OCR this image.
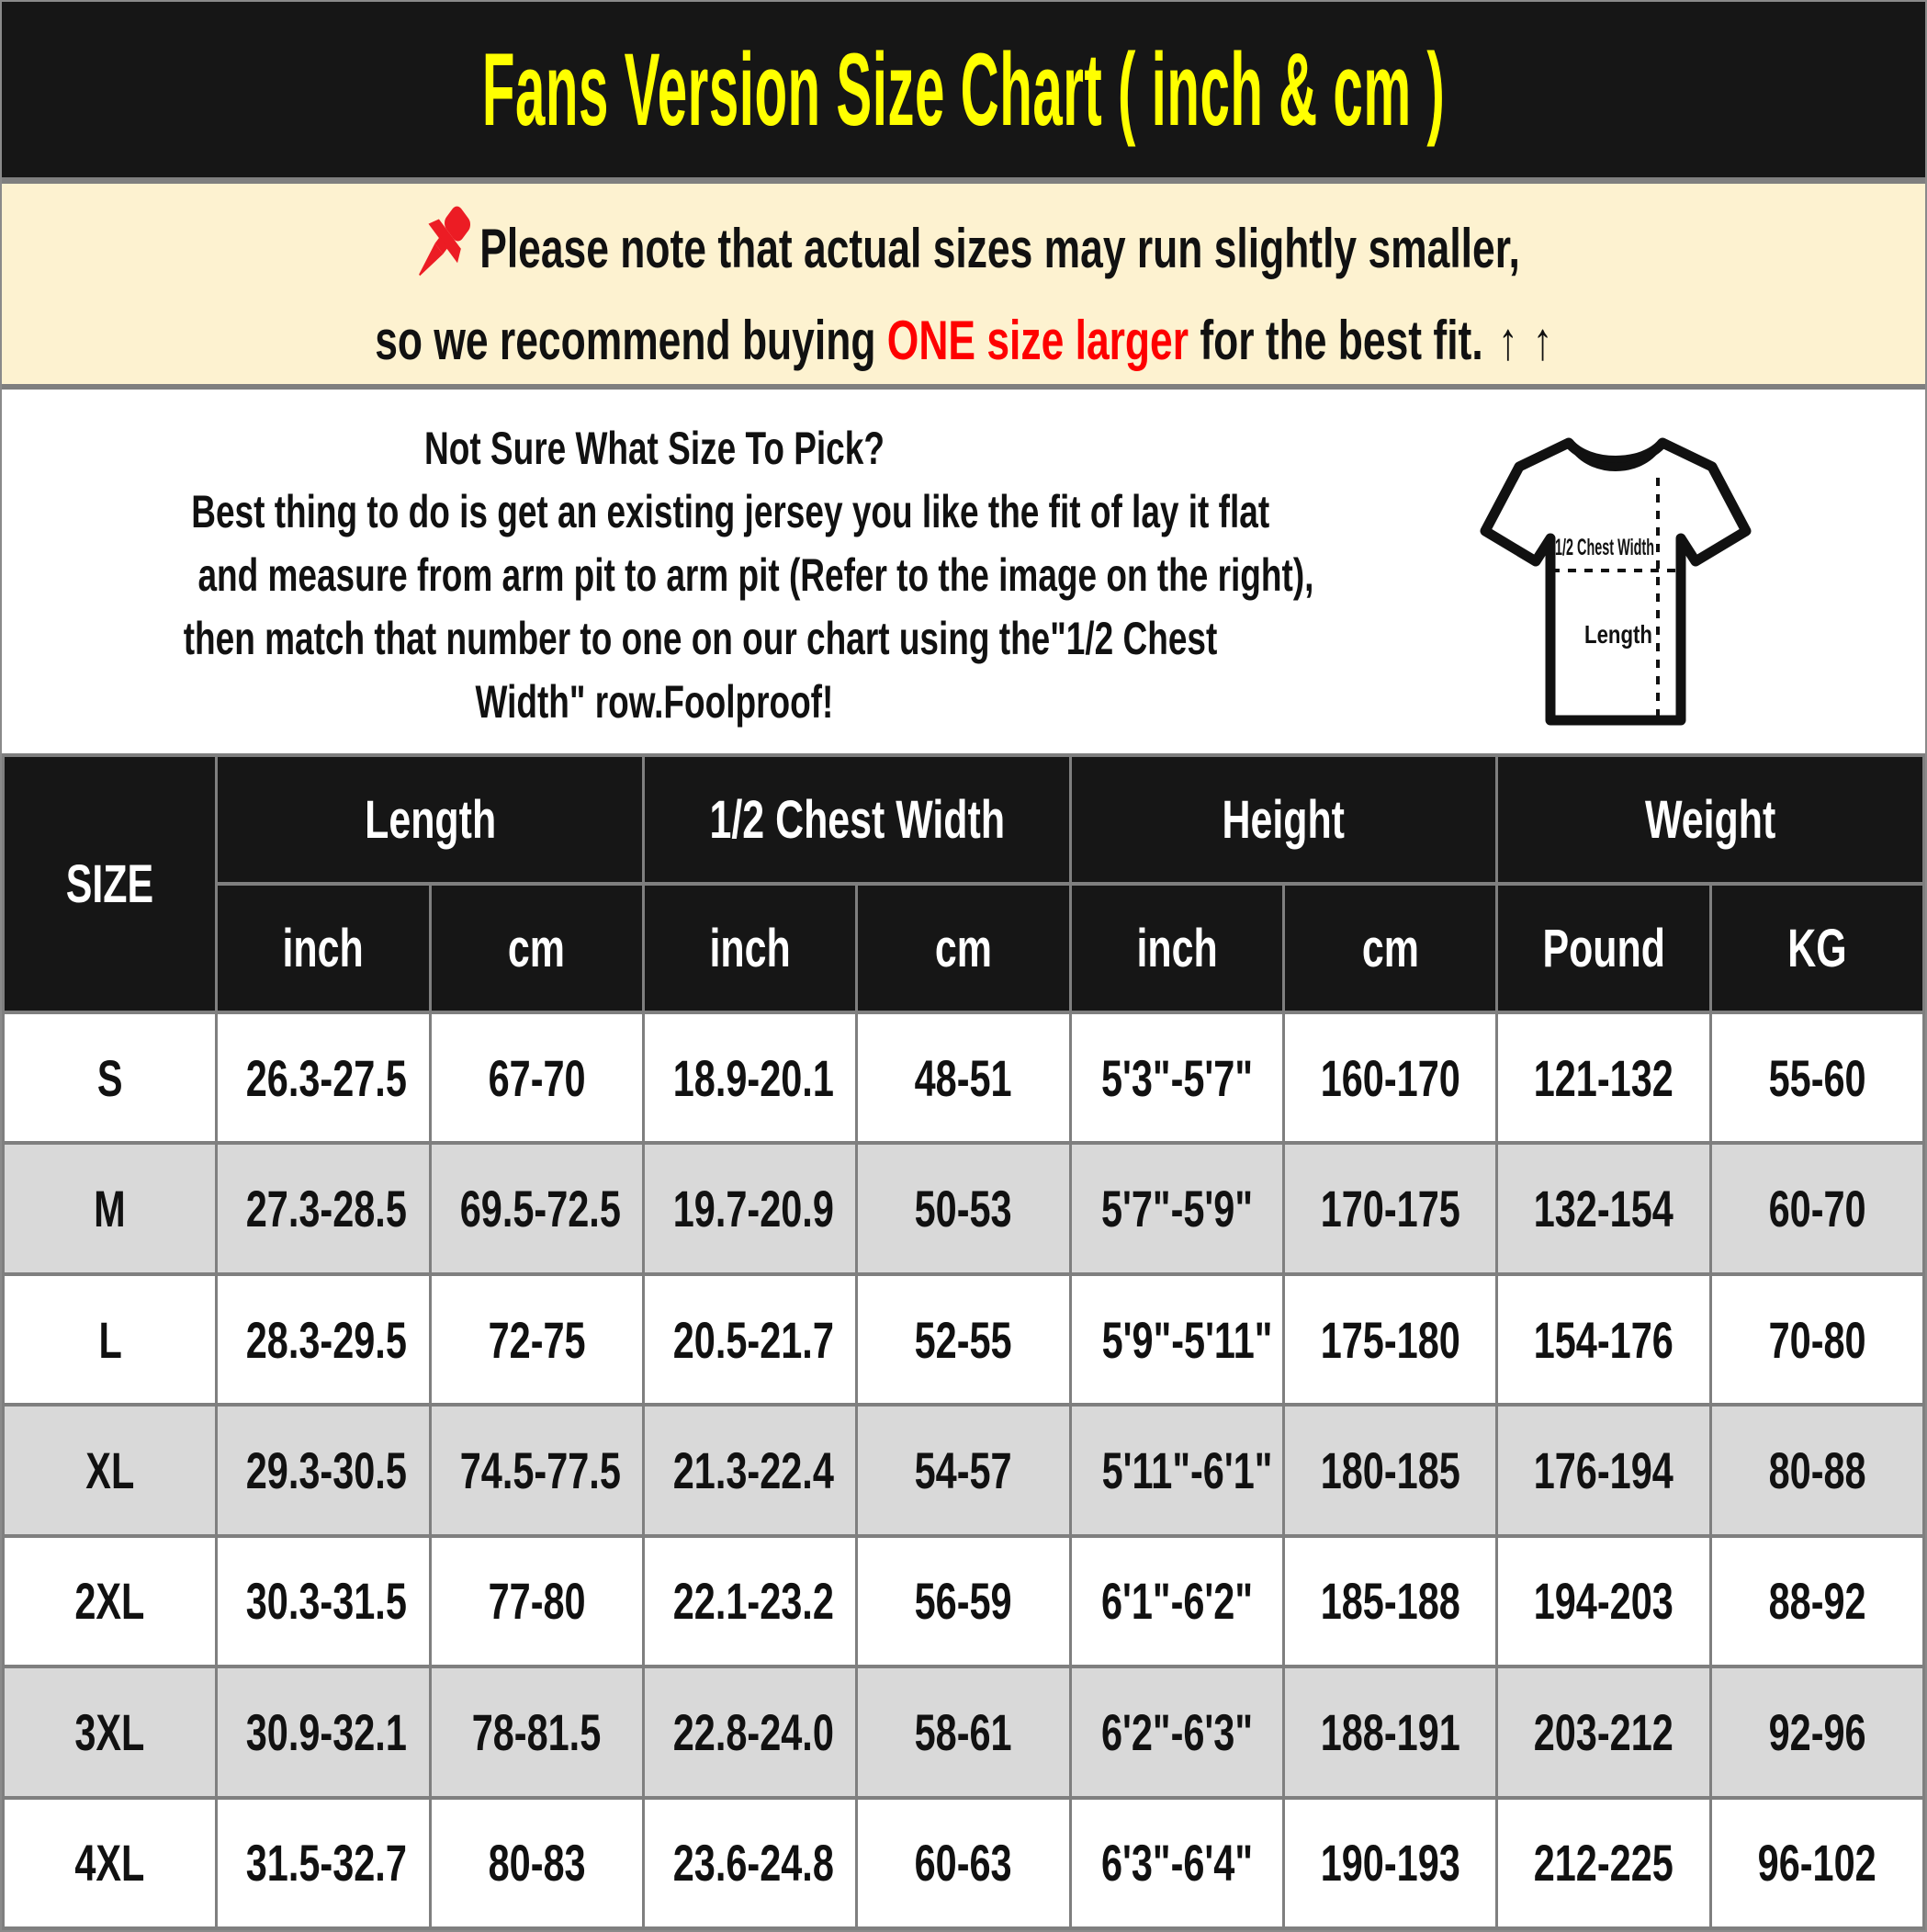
Fans Version Size Chart ( inch & cm )
Please note that actual sizes may run slightly smaller,
so we recommend buying ONE size larger for the best fit. ↑ ↑
Not Sure What Size To Pick?
Best thing to do is get an existing jersey you like the fit of lay it flat
and measure from arm pit to arm pit (Refer to the image on the right),
then match that number to one on our chart using the"1/2 Chest
Width" row.Foolproof!
1/2 Chest Width
Length
SIZE	Length		1/2 Chest Width		Height		Weight	
	inch	cm	inch	cm	inch	cm	Pound	KG
S	26.3-27.5	67-70	18.9-20.1	48-51	5'3"-5'7"	160-170	121-132	55-60
M	27.3-28.5	69.5-72.5	19.7-20.9	50-53	5'7"-5'9"	170-175	132-154	60-70
L	28.3-29.5	72-75	20.5-21.7	52-55	5'9"-5'11"	175-180	154-176	70-80
XL	29.3-30.5	74.5-77.5	21.3-22.4	54-57	5'11"-6'1"	180-185	176-194	80-88
2XL	30.3-31.5	77-80	22.1-23.2	56-59	6'1"-6'2"	185-188	194-203	88-92
3XL	30.9-32.1	78-81.5	22.8-24.0	58-61	6'2"-6'3"	188-191	203-212	92-96
4XL	31.5-32.7	80-83	23.6-24.8	60-63	6'3"-6'4"	190-193	212-225	96-102
